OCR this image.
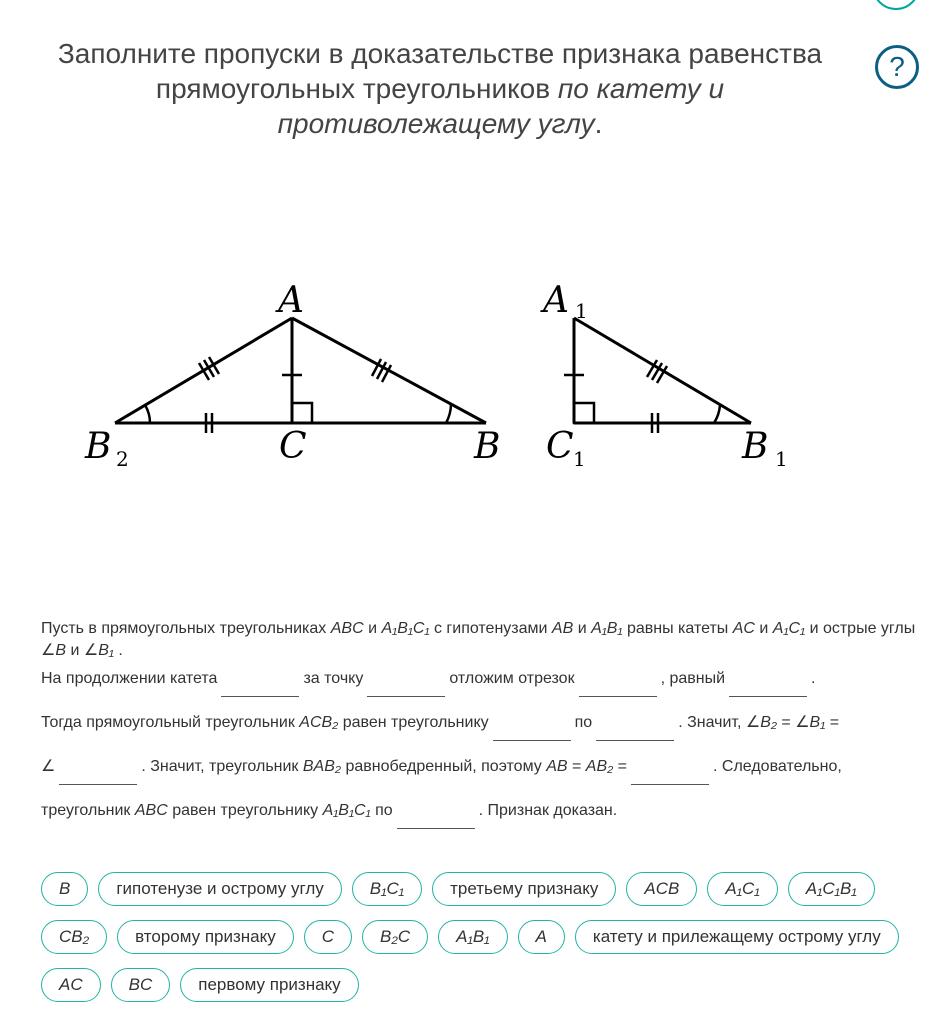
Заполните пропуски в доказательстве признака равенства прямоугольных треугольников по катету и противолежащему углу.
?
A
B 2	C	B
A 1
C 1	B 1
Пусть в прямоугольных треугольниках ABC и A₁B₁C₁ с гипотенузами AB и A₁B₁ равны катеты AC и A₁C₁ и острые углы ∠B и ∠B₁ .
На продолжении катета	за точку	отложим отрезок	, равный	.
Тогда прямоугольный треугольник ACB₂ равен треугольнику	по	. Значит, ∠B₂ = ∠B₁ =
∠	. Значит, треугольник BAB₂ равнобедренный, поэтому AB = AB₂ =	. Следовательно,
треугольник ABC равен треугольнику A₁B₁C₁ по	. Признак доказан.
B	гипотенузе и острому углу	B₁C₁	третьему признаку	ACB	A₁C₁	A₁C₁B₁
CB₂	второму признаку	C	B₂C	A₁B₁	A	катету и прилежащему острому углу
AC	BC	первому признаку
